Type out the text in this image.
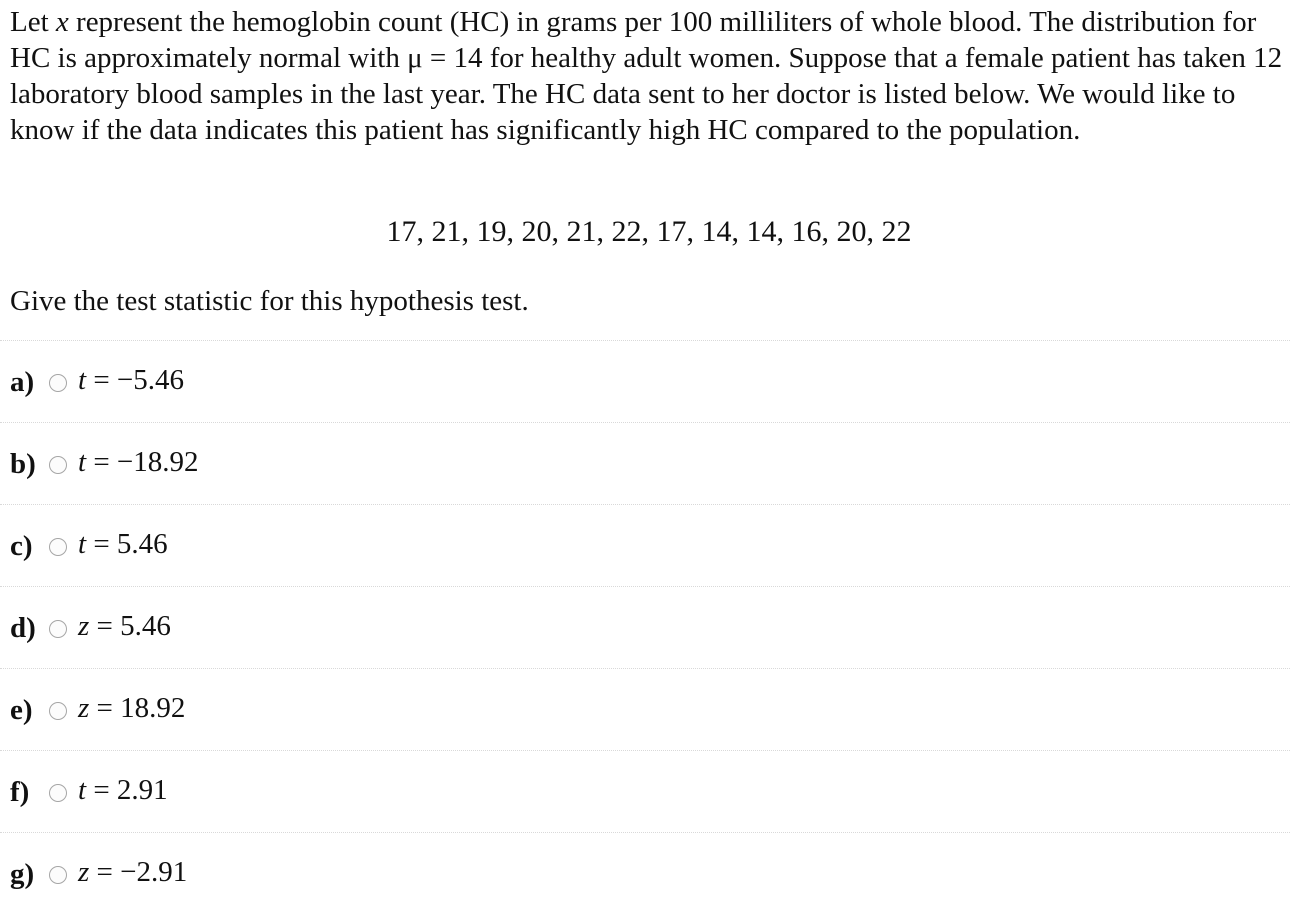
Let x represent the hemoglobin count (HC) in grams per 100 milliliters of whole blood. The distribution for HC is approximately normal with μ = 14 for healthy adult women. Suppose that a female patient has taken 12 laboratory blood samples in the last year. The HC data sent to her doctor is listed below. We would like to know if the data indicates this patient has significantly high HC compared to the population.

17, 21, 19, 20, 21, 22, 17, 14, 14, 16, 20, 22
Give the test statistic for this hypothesis test.
a) t = −5.46
b) t = −18.92
c) t = 5.46
d) z = 5.46
e) z = 18.92
f) t = 2.91
g) z = −2.91
